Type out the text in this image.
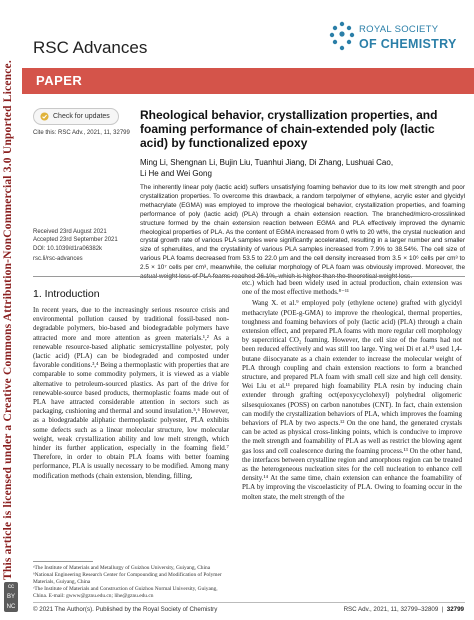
This article is licensed under a Creative Commons Attribution-NonCommercial 3.0 Unported Licence.
cc
BY
NC
RSC Advances
ROYAL SOCIETY
OF CHEMISTRY
PAPER
Check for updates
Cite this: RSC Adv., 2021, 11, 32799
Received 23rd August 2021
Accepted 23rd September 2021
DOI: 10.1039/d1ra06382k
rsc.li/rsc-advances
Rheological behavior, crystallization properties, and foaming performance of chain-extended poly (lactic acid) by functionalized epoxy
Ming Li, Shengnan Li, Bujin Liu, Tuanhui Jiang, Di Zhang, Lushuai Cao,
Li He and Wei Gong
The inherently linear poly (lactic acid) suffers unsatisfying foaming behavior due to its low melt strength and poor crystallization properties. To overcome this drawback, a random terpolymer of ethylene, acrylic ester and glycidyl methacrylate (EGMA) was employed to improve the rheological behavior, crystallization properties, and foaming performance of poly (lactic acid) (PLA) through a chain extension reaction. The branched/micro-crosslinked structure formed by the chain extension reaction between EGMA and PLA effectively improved the dynamic rheological properties of PLA. As the content of EGMA increased from 0 wt% to 20 wt%, the crystal nucleation and crystal growth rate of various PLA samples were significantly accelerated, resulting in a larger number and smaller size of spherulites, and the crystallinity of various PLA samples increased from 7.9% to 38.54%. The cell size of various PLA foams decreased from 53.5 to 22.0 μm and the cell density increased from 3.5 × 10⁶ cells per cm³ to 2.5 × 10⁷ cells per cm³, meanwhile, the cellular morphology of PLA foam was obviously improved. Moreover, the
1. Introduction
In recent years, due to the increasingly serious resource crisis and environmental pollution caused by traditional fossil-based non-degradable polymers, bio-based and biodegradable polymers have attracted more and more attention as green materials.¹,² As a renewable resource-based aliphatic semicrystalline polyester, poly (lactic acid) (PLA) can be biodegraded and composted under favorable conditions.³,⁴ Being a thermoplastic with properties that are comparable to some commodity polymers, it is viewed as a viable alternative to petroleum-sourced plastics. As part of the drive for renewable-source based products, thermoplastic foams made out of PLA have attracted considerable attention in sectors such as packaging, cushioning and thermal and sound insulation.⁵,⁶ However, as a biodegradable aliphatic thermoplastic polyester, PLA exhibits some defects such as a linear molecular structure, low molecular weight, weak crystallization ability and low melt strength, which hinder its further application, especially in the foaming field.⁷ Therefore, in order to obtain PLA foams with better foaming performance, PLA is usually necessary to be modified. Among many modification methods (chain extension, blending, filling,
ᵃThe Institute of Materials and Metallurgy of Guizhou University, Guiyang, China
ᵇNational Engineering Research Center for Compounding and Modification of Polymer Materials, Guiyang, China
ᶜThe Institute of Materials and Construction of Guizhou Normal University, Guiyang, China. E-mail: gwww@gznu.edu.cn; lihe@gznu.edu.cn
etc.) which had been widely used in actual production, chain extension was one of the most effective methods.⁸⁻¹¹
Wang X. et al.⁹ employed poly (ethylene octene) grafted with glycidyl methacrylate (POE-g-GMA) to improve the rheological, thermal properties, toughness and foaming behaviors of poly (lactic acid) (PLA) through a chain extension effect, and prepared PLA foams with more regular cell morphology by supercritical CO₂ foaming. However, the cell size of the foams had not been reduced effectively and was still too large. Ying wei Di et al.¹⁰ used 1,4-butane diisocyanate as a chain extender to increase the molecular weight of PLA through coupling and chain extension reactions to form a branched structure, and prepared PLA foam with small cell size and high cell density. Wei Liu et al.¹¹ prepared high foamability PLA resin by inducing chain extender through grafting oct(epoxycyclohexyl) polyhedral oligomeric silsesquioxanes (POSS) on carbon nanotubes (CNT). In fact, chain extension can modify the crystallization behaviors of PLA, which improves the foaming behaviors of PLA by two aspects.¹² On the one hand, the generated crystals can be acted as physical cross-linking points, which is conducive to improve the melt strength and foamability of PLA as well as restrict the blowing agent gas loss and cell coalescence during the foaming process.¹³ On the other hand, the interfaces between crystalline region and amorphous region can be treated as the heterogeneous nucleation sites for the cell nucleation to enhance cell density.¹⁴ At the same time, chain extension can enhance the foamability of PLA by improving the viscoelasticity of PLA. Owing to foaming occur in the molten state, the melt strength of the
© 2021 The Author(s). Published by the Royal Society of Chemistry	RSC Adv., 2021, 11, 32799–32809  |  32799
